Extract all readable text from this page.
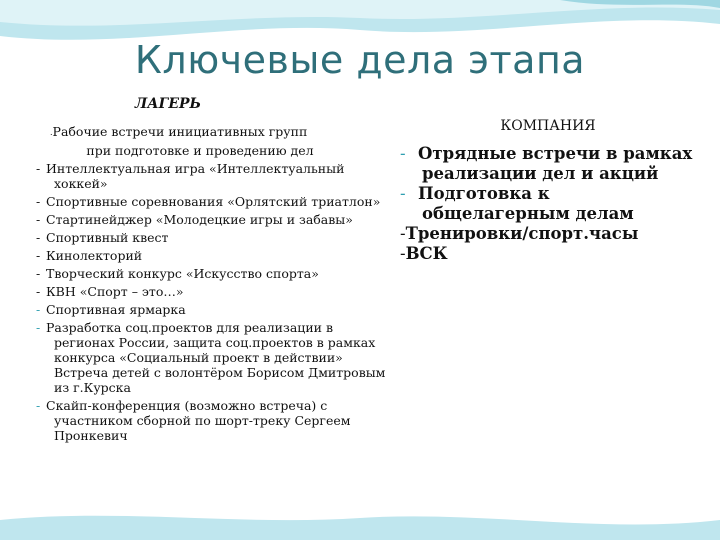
Ключевые дела этапа
ЛАГЕРЬ
.Рабочие встречи инициативных групп
при подготовке и проведению дел
- Интеллектуальная игра «Интеллектуальный хоккей»
- Спортивные соревнования «Орлятский триатлон»
- Стартинейджер «Молодецкие игры и забавы»
- Спортивный квест
- Кинолекторий
- Творческий конкурс «Искусство спорта»
- КВН «Спорт – это…»
- Спортивная ярмарка
- Разработка соц.проектов для реализации в регионах России, защита соц.проектов в рамках конкурса «Социальный проект в действии» Встреча детей с волонтёром Борисом Дмитровым из г.Курска
- Скайп-конференция (возможно встреча) с участником сборной по шорт-треку Сергеем Пронкевич
КОМПАНИЯ
- Отрядные встречи в рамках реализации дел и акций
- Подготовка к общелагерным делам
-Тренировки/спорт.часы
-ВСК
